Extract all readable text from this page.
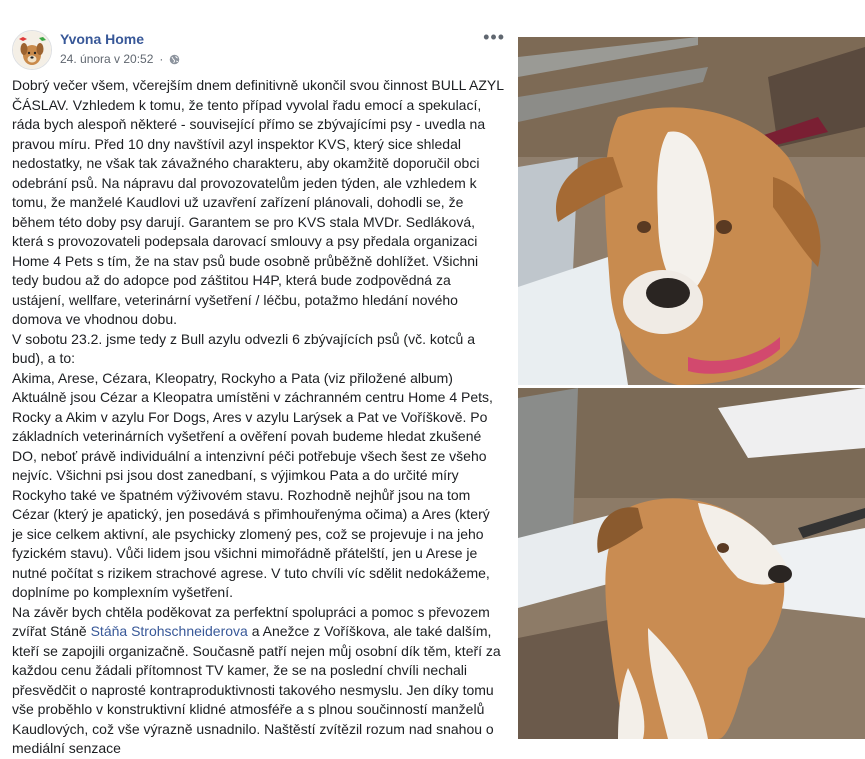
Yvona Home
24. února v 20:52 ·
•••

Dobrý večer všem, včerejším dnem definitivně ukončil svou činnost BULL AZYL ČÁSLAV. Vzhledem k tomu, že tento případ vyvolal řadu emocí a spekulací, ráda bych alespoň některé - související přímo se zbývajícími psy - uvedla na pravou míru. Před 10 dny navštívil azyl inspektor KVS, který sice shledal nedostatky, ne však tak závažného charakteru, aby okamžitě doporučil obci odebrání psů. Na nápravu dal provozovatelům jeden týden, ale vzhledem k tomu, že manželé Kaudlovi už uzavření zařízení plánovali, dohodli se, že během této doby psy darují. Garantem se pro KVS stala MVDr. Sedláková, která s provozovateli podepsala darovací smlouvy a psy předala organizaci Home 4 Pets s tím, že na stav psů bude osobně průběžně dohlížet. Všichni tedy budou až do adopce pod záštitou H4P, která bude zodpovědná za ustájení, wellfare, veterinární vyšetření / léčbu, potažmo hledání nového domova ve vhodnou dobu.

V sobotu 23.2. jsme tedy z Bull azylu odvezli 6 zbývajících psů (vč. kotců a bud), a to:

Akima, Arese, Cézara, Kleopatry, Rockyho a Pata (viz přiložené album)

Aktuálně jsou Cézar a Kleopatra umístěni v záchranném centru Home 4 Pets, Rocky a Akim v azylu For Dogs, Ares v azylu Larýsek a Pat ve Voříškově. Po základních veterinárních vyšetření a ověření povah budeme hledat zkušené DO, neboť právě individuální a intenzivní péči potřebuje všech šest ze všeho nejvíc. Všichni psi jsou dost zanedbaní, s výjimkou Pata a do určité míry Rockyho také ve špatném výživovém stavu. Rozhodně nejhůř jsou na tom Cézar (který je apatický, jen posedává s přimhouřenýma očima) a Ares (který je sice celkem aktivní, ale psychicky zlomený pes, což se projevuje i na jeho fyzickém stavu). Vůči lidem jsou všichni mimořádně přátelští, jen u Arese je nutné počítat s rizikem strachové agrese. V tuto chvíli víc sdělit nedokážeme, doplníme po komplexním vyšetření.

Na závěr bych chtěla poděkovat za perfektní spolupráci a pomoc s převozem zvířat Stáně Stáňa Strohschneiderova a Anežce z Voříškova, ale také dalším, kteří se zapojili organizačně. Současně patří nejen můj osobní dík těm, kteří za každou cenu žádali přítomnost TV kamer, že se na poslední chvíli nechali přesvědčit o naprosté kontraproduktivnosti takového nesmyslu. Jen díky tomu vše proběhlo v konstruktivní klidné atmosféře a s plnou součinností manželů Kaudlových, což vše výrazně usnadnilo. Naštěstí zvítězil rozum nad snahou o mediální senzace
